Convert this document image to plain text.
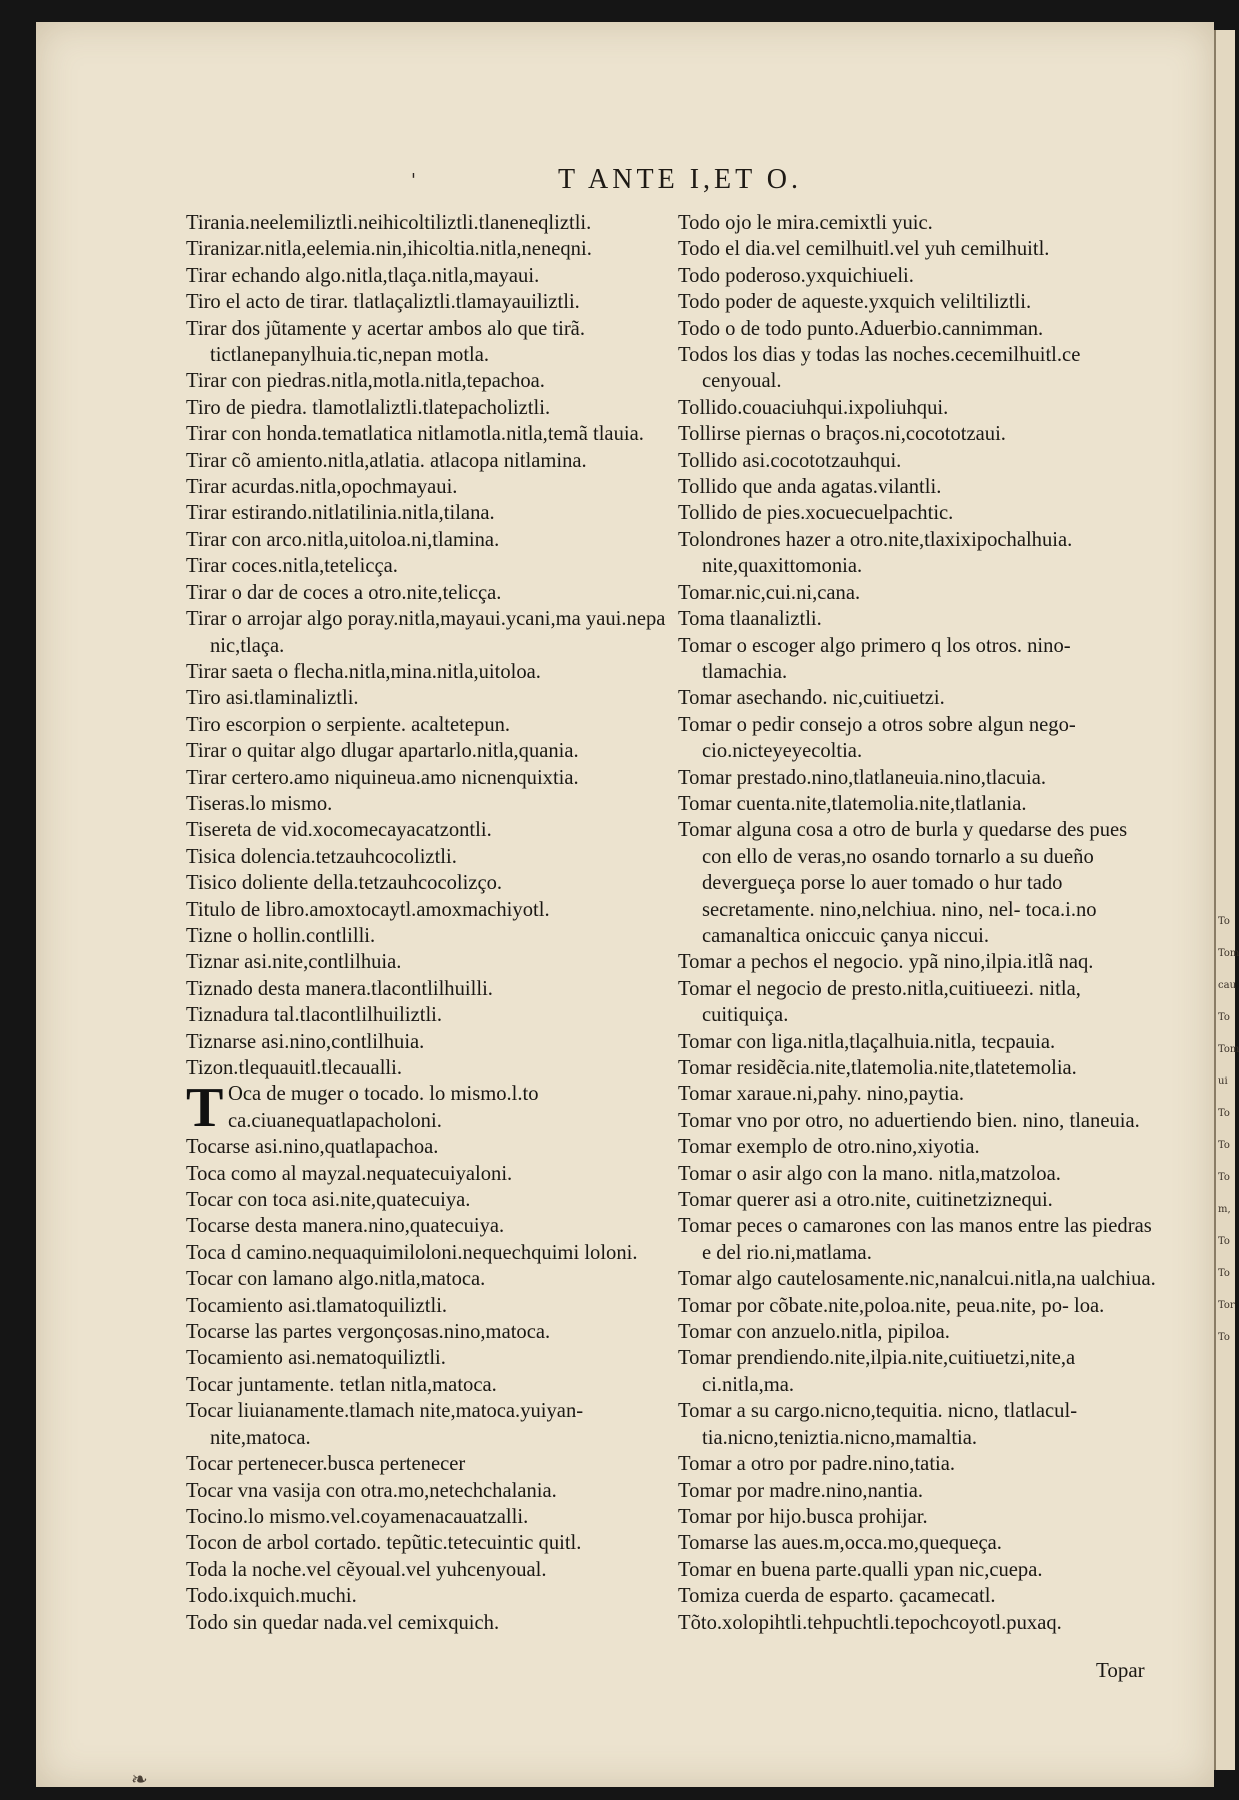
'	T ANTE I,ET O.

Tirania.neelemiliztli.neihicoltiliztli.tlaneneqliztli.

Tiranizar.nitla,eelemia.nin,ihicoltia.nitla,neneqni.

Tirar echando algo.nitla,tlaça.nitla,mayaui.

Tiro el acto de tirar. tlatlaçaliztli.tlamayauiliztli.

Tirar dos jũtamente y acertar ambos alo que tirã. tictlanepanylhuia.tic,nepan motla.

Tirar con piedras.nitla,motla.nitla,tepachoa.

Tiro de piedra. tlamotlaliztli.tlatepacholiztli.

Tirar con honda.tematlatica nitlamotla.nitla,temã tlauia.

Tirar cõ amiento.nitla,atlatia. atlacopa nitlamina.

Tirar acurdas.nitla,opochmayaui.

Tirar estirando.nitlatilinia.nitla,tilana.

Tirar con arco.nitla,uitoloa.ni,tlamina.

Tirar coces.nitla,tetelicça.

Tirar o dar de coces a otro.nite,telicça.

Tirar o arrojar algo poray.nitla,mayaui.ycani,ma yaui.nepa nic,tlaça.

Tirar saeta o flecha.nitla,mina.nitla,uitoloa.

Tiro asi.tlaminaliztli.

Tiro escorpion o serpiente. acaltetepun.

Tirar o quitar algo dlugar apartarlo.nitla,quania.

Tirar certero.amo niquineua.amo nicnenquixtia.

Tiseras.lo mismo.

Tisereta de vid.xocomecayacatzontli.

Tisica dolencia.tetzauhcocoliztli.

Tisico doliente della.tetzauhcocolizço.

Titulo de libro.amoxtocaytl.amoxmachiyotl.

Tizne o hollin.contlilli.

Tiznar asi.nite,contlilhuia.

Tiznado desta manera.tlacontlilhuilli.

Tiznadura tal.tlacontlilhuiliztli.

Tiznarse asi.nino,contlilhuia.

Tizon.tlequauitl.tlecaualli.

T Oca de muger o tocado. lo mismo.l.to ca.ciuanequatlapacholoni.

Tocarse asi.nino,quatlapachoa.

Toca como al mayzal.nequatecuiyaloni.

Tocar con toca asi.nite,quatecuiya.

Tocarse desta manera.nino,quatecuiya.

Toca d camino.nequaquimiloloni.nequechquimi loloni.

Tocar con lamano algo.nitla,matoca.

Tocamiento asi.tlamatoquiliztli.

Tocarse las partes vergonçosas.nino,matoca.

Tocamiento asi.nematoquiliztli.

Tocar juntamente. tetlan nitla,matoca.

Tocar liuianamente.tlamach nite,matoca.yuiyan- nite,matoca.

Tocar pertenecer.busca pertenecer

Tocar vna vasija con otra.mo,netechchalania.

Tocino.lo mismo.vel.coyamenacauatzalli.

Tocon de arbol cortado. tepũtic.tetecuintic quitl.

Toda la noche.vel cẽyoual.vel yuhcenyoual.

Todo.ixquich.muchi.

Todo sin quedar nada.vel cemixquich.

Todo ojo le mira.cemixtli yuic.

Todo el dia.vel cemilhuitl.vel yuh cemilhuitl.

Todo poderoso.yxquichiueli.

Todo poder de aqueste.yxquich veliltiliztli.

Todo o de todo punto.Aduerbio.cannimman.

Todos los dias y todas las noches.cecemilhuitl.ce cenyoual.

Tollido.couaciuhqui.ixpoliuhqui.

Tollirse piernas o braços.ni,cocototzaui.

Tollido asi.cocototzauhqui.

Tollido que anda agatas.vilantli.

Tollido de pies.xocuecuelpachtic.

Tolondrones hazer a otro.nite,tlaxixipochalhuia. nite,quaxittomonia.

Tomar.nic,cui.ni,cana.

Toma tlaanaliztli.

Tomar o escoger algo primero q los otros. nino- tlamachia.

Tomar asechando. nic,cuitiuetzi.

Tomar o pedir consejo a otros sobre algun nego- cio.nicteyeyecoltia.

Tomar prestado.nino,tlatlaneuia.nino,tlacuia.

Tomar cuenta.nite,tlatemolia.nite,tlatlania.

Tomar alguna cosa a otro de burla y quedarse des pues con ello de veras,no osando tornarlo a su dueño devergueça porse lo auer tomado o hur tado secretamente. nino,nelchiua. nino, nel- toca.i.no camanaltica oniccuic çanya niccui.

Tomar a pechos el negocio. ypã nino,ilpia.itlã naq.

Tomar el negocio de presto.nitla,cuitiueezi. nitla, cuitiquiça.

Tomar con liga.nitla,tlaçalhuia.nitla, tecpauia.

Tomar residẽcia.nite,tlatemolia.nite,tlatetemolia.

Tomar xaraue.ni,pahy. nino,paytia.

Tomar vno por otro, no aduertiendo bien. nino, tlaneuia.

Tomar exemplo de otro.nino,xiyotia.

Tomar o asir algo con la mano. nitla,matzoloa.

Tomar querer asi a otro.nite, cuitinetziznequi.

Tomar peces o camarones con las manos entre las piedras e del rio.ni,matlama.

Tomar algo cautelosamente.nic,nanalcui.nitla,na ualchiua.

Tomar por cõbate.nite,poloa.nite, peua.nite, po- loa.

Tomar con anzuelo.nitla, pipiloa.

Tomar prendiendo.nite,ilpia.nite,cuitiuetzi,nite,a ci.nitla,ma.

Tomar a su cargo.nicno,tequitia. nicno, tlatlacul- tia.nicno,teniztia.nicno,mamaltia.

Tomar a otro por padre.nino,tatia.

Tomar por madre.nino,nantia.

Tomar por hijo.busca prohijar.

Tomarse las aues.m,occa.mo,quequeça.

Tomar en buena parte.qualli ypan nic,cuepa.

Tomiza cuerda de esparto. çacamecatl.

Tõto.xolopihtli.tehpuchtli.tepochcoyotl.puxaq.

Topar
❧
To
Tom
cau
To
Tom
ui
To
To
To
m,
To
To
Tor
To
